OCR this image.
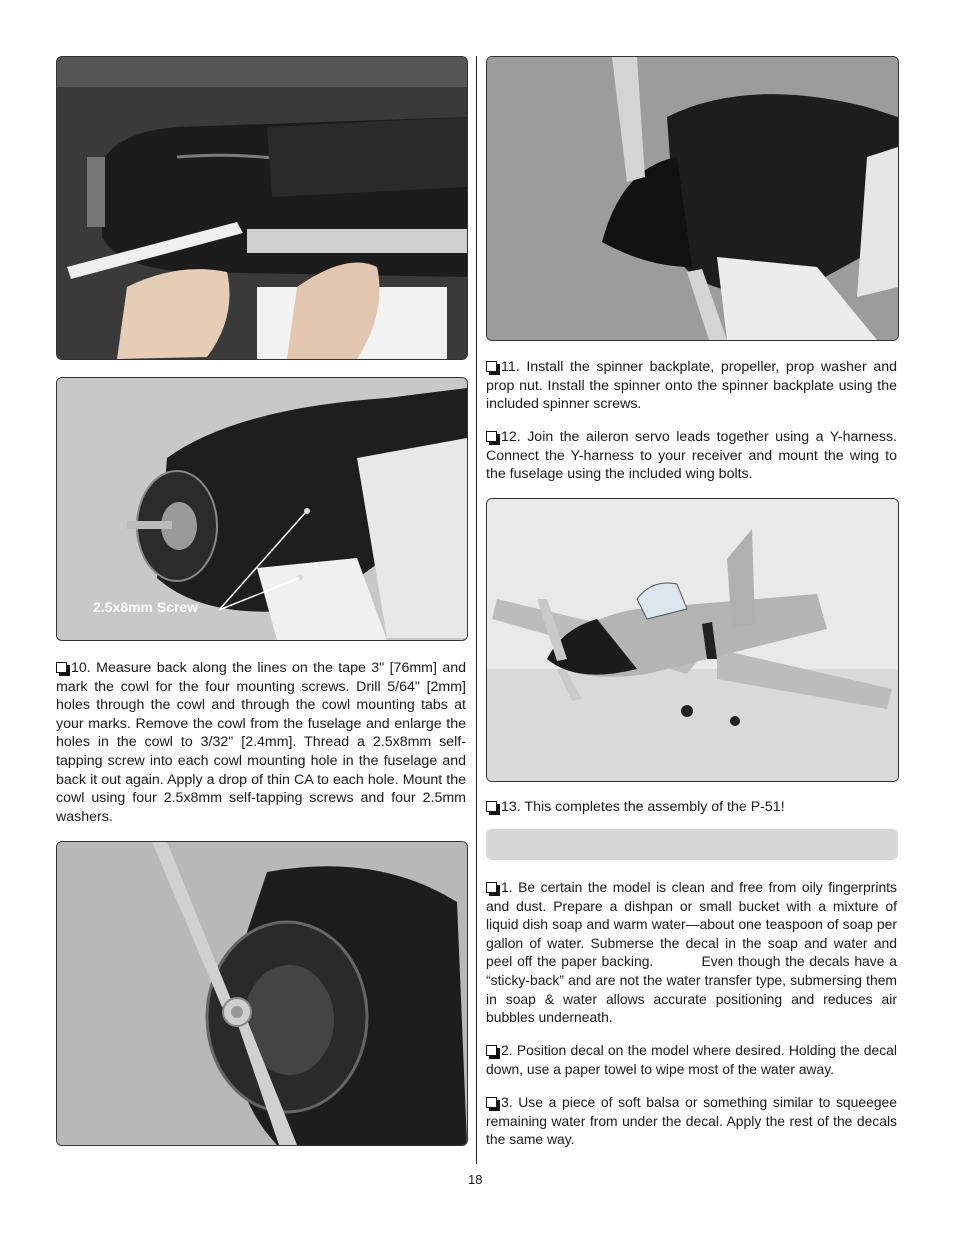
2.5x8mm Screw

10. Measure back along the lines on the tape 3" [76mm] and mark the cowl for the four mounting screws. Drill 5/64" [2mm] holes through the cowl and through the cowl mounting tabs at your marks. Remove the cowl from the fuselage and enlarge the holes in the cowl to 3/32" [2.4mm]. Thread a 2.5x8mm self-tapping screw into each cowl mounting hole in the fuselage and back it out again. Apply a drop of thin CA to each hole. Mount the cowl using four 2.5x8mm self-tapping screws and four 2.5mm washers.

11. Install the spinner backplate, propeller, prop washer and prop nut. Install the spinner onto the spinner backplate using the included spinner screws.

12. Join the aileron servo leads together using a Y-harness. Connect the Y-harness to your receiver and mount the wing to the fuselage using the included wing bolts.

13. This completes the assembly of the P-51!

1. Be certain the model is clean and free from oily fingerprints and dust. Prepare a dishpan or small bucket with a mixture of liquid dish soap and warm water—about one teaspoon of soap per gallon of water. Submerse the decal in the soap and water and peel off the paper backing.          Even though the decals have a “sticky-back” and are not the water transfer type, submersing them in soap & water allows accurate positioning and reduces air bubbles underneath.

2. Position decal on the model where desired. Holding the decal down, use a paper towel to wipe most of the water away.

3. Use a piece of soft balsa or something similar to squeegee remaining water from under the decal. Apply the rest of the decals the same way.

18
